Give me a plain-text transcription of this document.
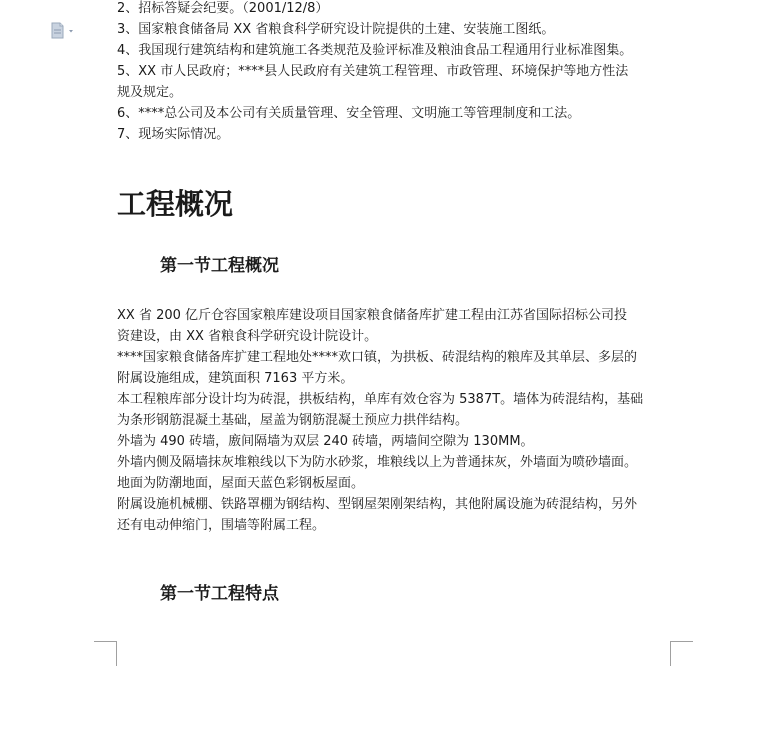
2、招标答疑会纪要。（2001/12/8）
3、国家粮食储备局 XX 省粮食科学研究设计院提供的土建、安装施工图纸。
4、我国现行建筑结构和建筑施工各类规范及验评标准及粮油食品工程通用行业标准图集。
5、XX 市人民政府；****县人民政府有关建筑工程管理、市政管理、环境保护等地方性法
规及规定。
6、****总公司及本公司有关质量管理、安全管理、文明施工等管理制度和工法。
7、现场实际情况。
工程概况
第一节工程概况
XX 省 200 亿斤仓容国家粮库建设项目国家粮食储备库扩建工程由江苏省国际招标公司投
资建设，由 XX 省粮食科学研究设计院设计。
****国家粮食储备库扩建工程地处****欢口镇，为拱板、砖混结构的粮库及其单层、多层的
附属设施组成，建筑面积 7163 平方米。
本工程粮库部分设计均为砖混，拱板结构，单库有效仓容为 5387T。墙体为砖混结构，基础
为条形钢筋混凝土基础，屋盖为钢筋混凝土预应力拱伴结构。
外墙为 490 砖墙，廒间隔墙为双层 240 砖墙，两墙间空隙为 130MM。
外墙内侧及隔墙抹灰堆粮线以下为防水砂浆，堆粮线以上为普通抹灰，外墙面为喷砂墙面。
地面为防潮地面，屋面天蓝色彩钢板屋面。
附属设施机械棚、铁路罩棚为钢结构、型钢屋架刚架结构，其他附属设施为砖混结构，另外
还有电动伸缩门，围墙等附属工程。
第一节工程特点
